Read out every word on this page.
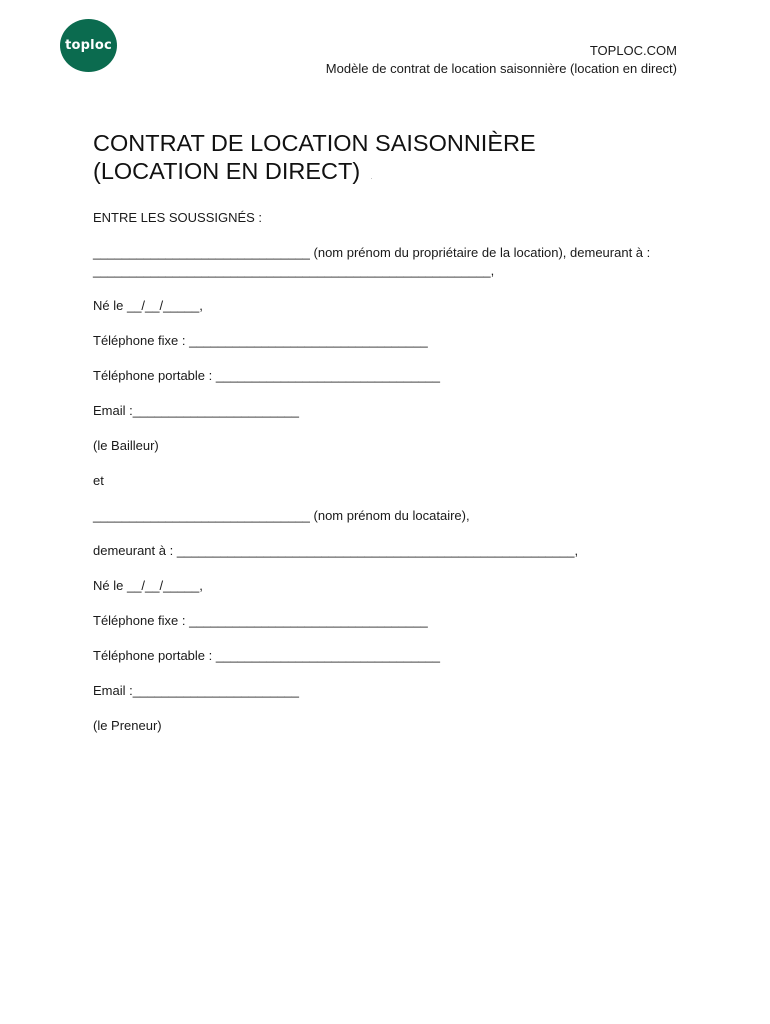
toploc	TOPLOC.COM
Modèle de contrat de location saisonnière (location en direct)
CONTRAT DE LOCATION SAISONNIÈRE
(LOCATION EN DIRECT) .

ENTRE LES SOUSSIGNÉS :

______________________________ (nom prénom du propriétaire de la location), demeurant à : _______________________________________________________,

Né le __/__/_____,

Téléphone fixe : _________________________________

Téléphone portable : _______________________________

Email :_______________________

(le Bailleur)

et

______________________________ (nom prénom du locataire),

demeurant à : _______________________________________________________,

Né le __/__/_____,

Téléphone fixe : _________________________________

Téléphone portable : _______________________________

Email :_______________________

(le Preneur)
